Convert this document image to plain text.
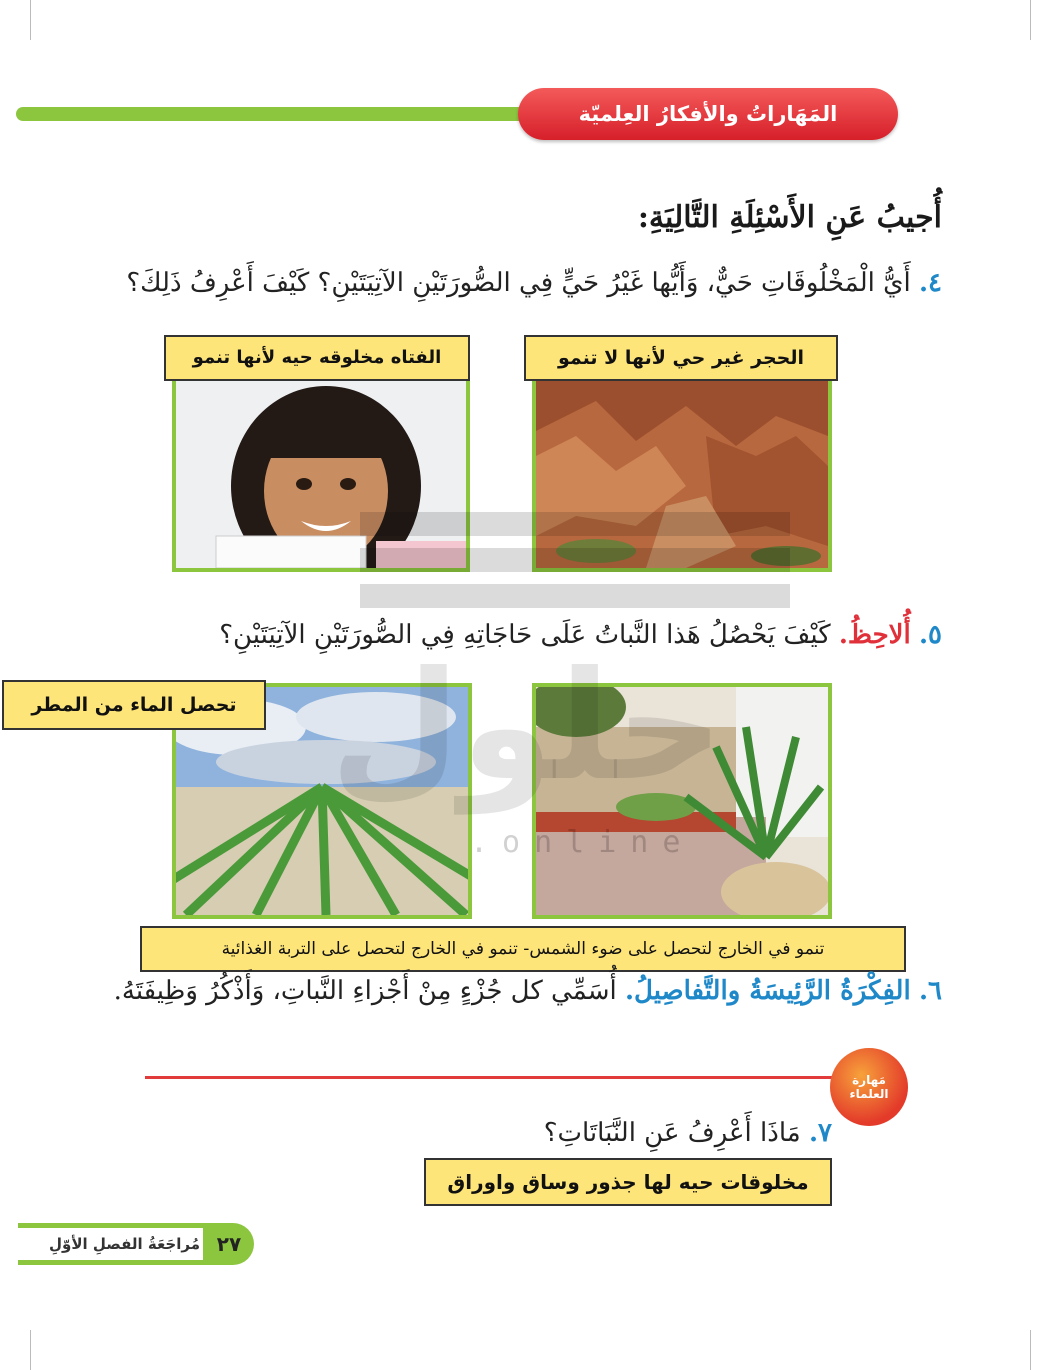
المَهَاراتُ والأفكارُ العِلميّة
أُجيبُ عَنِ الأَسْئِلَةِ التَّالِيَةِ:
٤. أَيُّ الْمَخْلُوقَاتِ حَيٌّ، وَأَيُّها غَيْرُ حَيٍّ فِي الصُّورَتَيْنِ الآتِيَتَيْنِ؟ كَيْفَ أَعْرِفُ ذَلِكَ؟
الحجر غير حي لأنها لا تنمو
الفتاه مخلوقه حيه لأنها تنمو
٥. أُلاحِظُ. كَيْفَ يَحْصُلُ هَذا النَّباتُ عَلَى حَاجَاتِهِ فِي الصُّورَتَيْنِ الآتِيَتَيْنِ؟
تحصل الماء من المطر حلول
.online
تنمو في الخارج لتحصل على ضوء الشمس- تنمو في الخارج لتحصل على التربة الغذائية
٦. الفِكْرَةُ الرَّئِيسَةُ والتَّفاصِيلُ. أُسَمِّي كل جُزْءٍ مِنْ أَجْزاءِ النَّباتِ، وَأَذْكُرُ وَظِيفَتَهُ.
مَهارة
العلماء
٧. مَاذَا أَعْرِفُ عَنِ النَّبَاتَاتِ؟
مخلوقات حيه لها جذور وساق واوراق
٢٧
مُراجَعَةُ الفصلِ الأوّلِ
